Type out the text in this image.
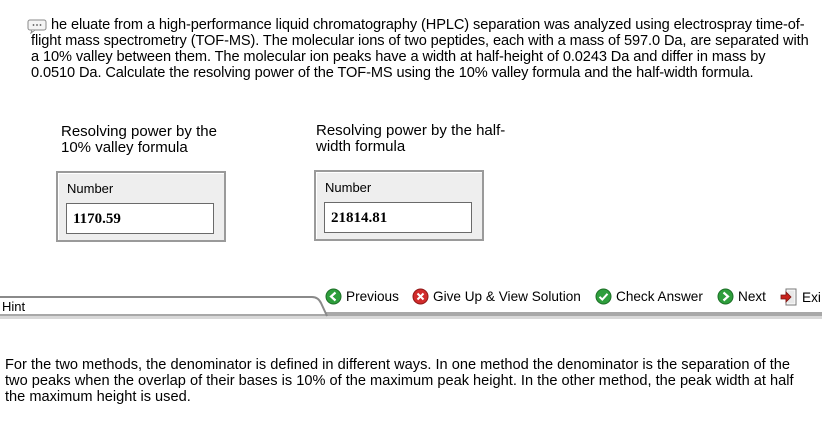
he eluate from a high-performance liquid chromatography (HPLC) separation was analyzed using electrospray time-of-flight mass spectrometry (TOF-MS). The molecular ions of two peptides, each with a mass of 597.0 Da, are separated with a 10% valley between them. The molecular ion peaks have a width at half-height of 0.0243 Da and differ in mass by 0.0510 Da. Calculate the resolving power of the TOF-MS using the 10% valley formula and the half-width formula.
Resolving power by the 10% valley formula
Number
1170.59
Resolving power by the half-width formula
Number
21814.81
Hint
Previous	Give Up & View Solution	Check Answer	Next	Exi
For the two methods, the denominator is defined in different ways. In one method the denominator is the separation of the two peaks when the overlap of their bases is 10% of the maximum peak height. In the other method, the peak width at half the maximum height is used.
